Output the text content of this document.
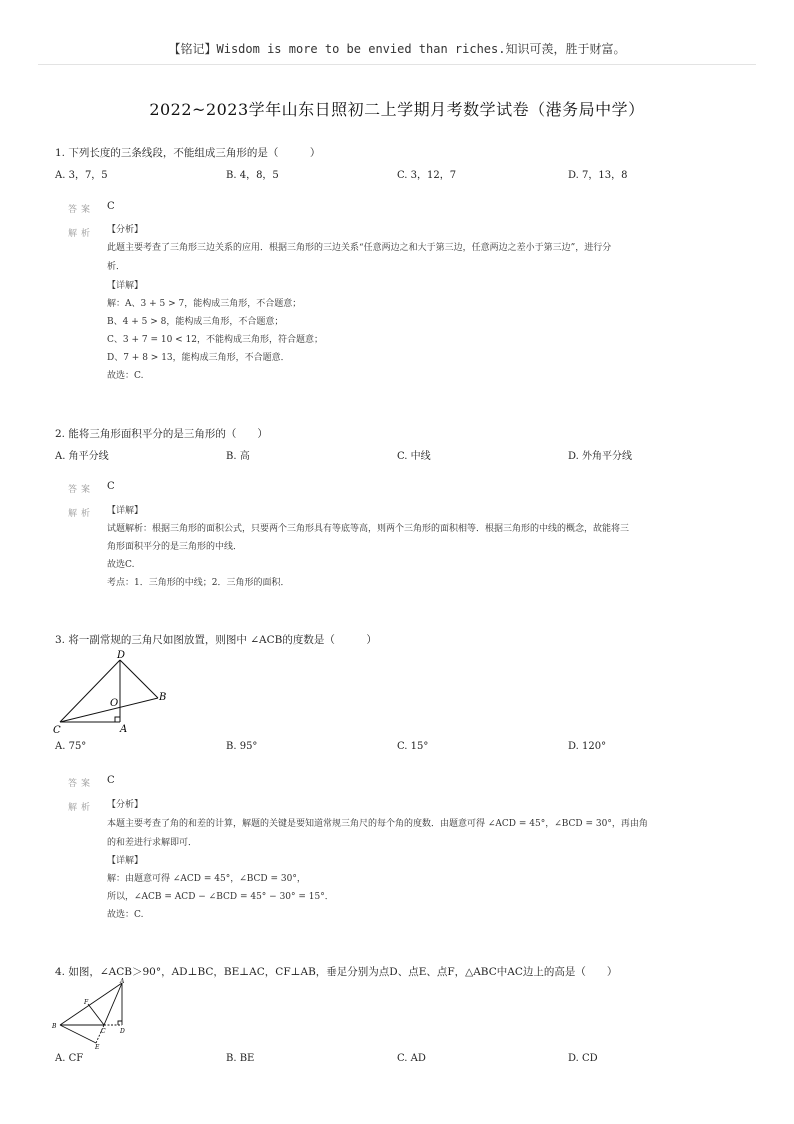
【铭记】Wisdom is more to be envied than riches.知识可羡，胜于财富。
2022~2023学年山东日照初二上学期月考数学试卷（港务局中学）
1. 下列长度的三条线段，不能组成三角形的是（　　　）
A. 3，7，5	B. 4，8，5	C. 3，12，7	D. 7，13，8
答案 C
解析 【分析】
此题主要考查了三角形三边关系的应用．根据三角形的三边关系“任意两边之和大于第三边，任意两边之差小于第三边”，进行分
析．
【详解】
解：A、3 + 5 > 7，能构成三角形，不合题意；
B、4 + 5 > 8，能构成三角形，不合题意；
C、3 + 7 = 10 < 12，不能构成三角形，符合题意；
D、7 + 8 > 13，能构成三角形，不合题意．
故选：C.
2. 能将三角形面积平分的是三角形的（　　）
A. 角平分线	B. 高	C. 中线	D. 外角平分线
答案 C
解析 【详解】
试题解析：根据三角形的面积公式，只要两个三角形具有等底等高，则两个三角形的面积相等．根据三角形的中线的概念，故能将三
角形面积平分的是三角形的中线．
故选C.
考点：1．三角形的中线；2．三角形的面积．
3. 将一副常规的三角尺如图放置，则图中 ∠ACB的度数是（　　　）
D
O
B
C	A
A. 75°	B. 95°	C. 15°	D. 120°
答案 C
解析 【分析】
本题主要考查了角的和差的计算，解题的关键是要知道常规三角尺的每个角的度数．由题意可得 ∠ACD = 45°，∠BCD = 30°，再由角
的和差进行求解即可．
【详解】
解：由题意可得 ∠ACD = 45°，∠BCD = 30°，
所以，∠ACB = ACD − ∠BCD = 45° − 30° = 15°．
故选：C.
4. 如图，∠ACB＞90°，AD⊥BC，BE⊥AC，CF⊥AB，垂足分别为点D、点E、点F，△ABC中AC边上的高是（　　）
A
F
E
B
C D
A. CF	B. BE	C. AD	D. CD
